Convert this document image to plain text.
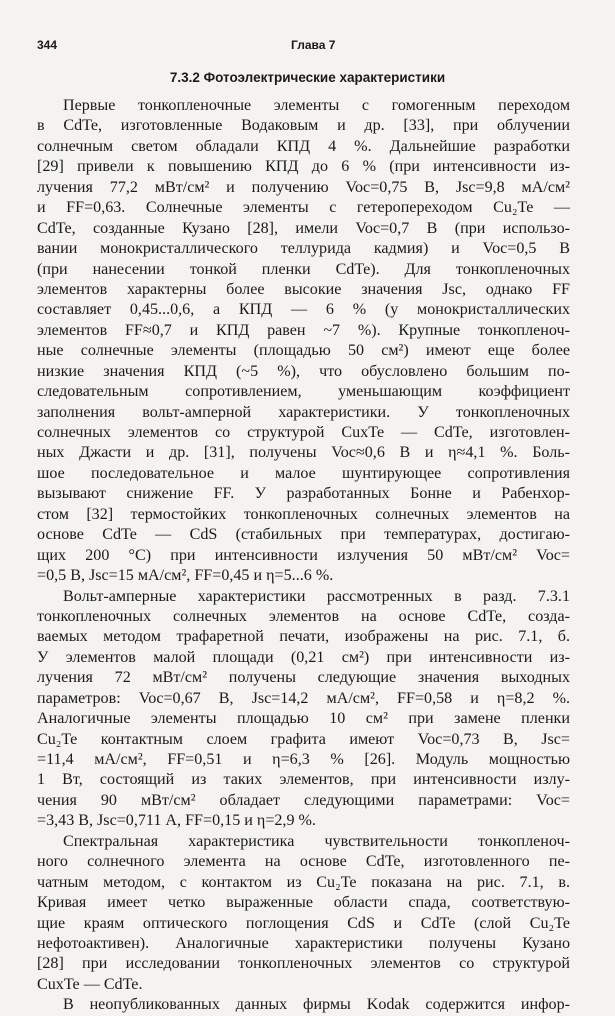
344	Глава 7
7.3.2 Фотоэлектрические характеристики
Первые тонкопленочные элементы с гомогенным переходом
в CdTe, изготовленные Водаковым и др. [33], при облучении
солнечным светом обладали КПД 4 %. Дальнейшие разработки
[29] привели к повышению КПД до 6 % (при интенсивности из-
лучения 77,2 мВт/см² и получению Voc=0,75 В, Jsc=9,8 мА/см²
и FF=0,63. Солнечные элементы с гетеропереходом Cu₂Te —
CdTe, созданные Кузано [28], имели Voc=0,7 В (при использо-
вании монокристаллического теллурида кадмия) и Voc=0,5 В
(при нанесении тонкой пленки CdTe). Для тонкопленочных
элементов характерны более высокие значения Jsc, однако FF
составляет 0,45...0,6, а КПД — 6 % (у монокристаллических
элементов FF≈0,7 и КПД равен ~7 %). Крупные тонкопленоч-
ные солнечные элементы (площадью 50 см²) имеют еще более
низкие значения КПД (~5 %), что обусловлено большим по-
следовательным сопротивлением, уменьшающим коэффициент
заполнения вольт-амперной характеристики. У тонкопленочных
солнечных элементов со структурой CuxTe — CdTe, изготовлен-
ных Джасти и др. [31], получены Voc≈0,6 В и η≈4,1 %. Боль-
шое последовательное и малое шунтирующее сопротивления
вызывают снижение FF. У разработанных Бонне и Рабенхор-
стом [32] термостойких тонкопленочных солнечных элементов на
основе CdTe — CdS (стабильных при температурах, достигаю-
щих 200 °C) при интенсивности излучения 50 мВт/см² Voc=
=0,5 В, Jsc=15 мА/см², FF=0,45 и η=5...6 %.
Вольт-амперные характеристики рассмотренных в разд. 7.3.1
тонкопленочных солнечных элементов на основе CdTe, созда-
ваемых методом трафаретной печати, изображены на рис. 7.1, б.
У элементов малой площади (0,21 см²) при интенсивности из-
лучения 72 мВт/см² получены следующие значения выходных
параметров: Voc=0,67 В, Jsc=14,2 мА/см², FF=0,58 и η=8,2 %.
Аналогичные элементы площадью 10 см² при замене пленки
Cu₂Te контактным слоем графита имеют Voc=0,73 В, Jsc=
=11,4 мА/см², FF=0,51 и η=6,3 % [26]. Модуль мощностью
1 Вт, состоящий из таких элементов, при интенсивности излу-
чения 90 мВт/см² обладает следующими параметрами: Voc=
=3,43 В, Jsc=0,711 А, FF=0,15 и η=2,9 %.
Спектральная характеристика чувствительности тонкопленоч-
ного солнечного элемента на основе CdTe, изготовленного пе-
чатным методом, с контактом из Cu₂Te показана на рис. 7.1, в.
Кривая имеет четко выраженные области спада, соответствую-
щие краям оптического поглощения CdS и CdTe (слой Cu₂Te
нефотоактивен). Аналогичные характеристики получены Кузано
[28] при исследовании тонкопленочных элементов со структурой
CuxTe — CdTe.
В неопубликованных данных фирмы Kodak содержится инфор-
